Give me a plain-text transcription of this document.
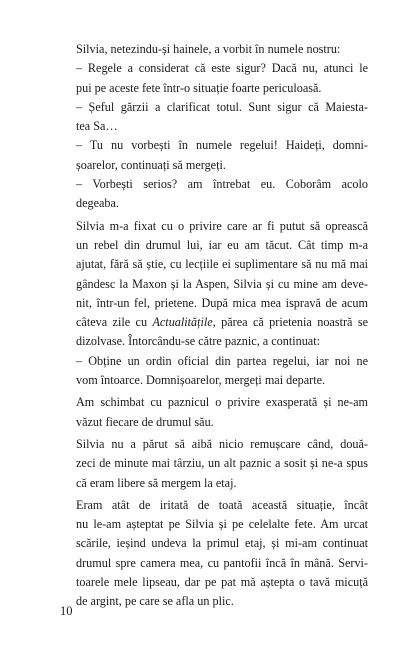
Silvia, netezindu-și hainele, a vorbit în numele nostru:

– Regele a considerat că este sigur? Dacă nu, atunci le
pui pe aceste fete într-o situație foarte periculoasă.

– Șeful gărzii a clarificat totul. Sunt sigur că Maiesta-
tea Sa…

– Tu nu vorbești în numele regelui! Haideți, domni-
șoarelor, continuați să mergeți.

– Vorbești serios? am întrebat eu. Coborâm acolo
degeaba.

Silvia m-a fixat cu o privire care ar fi putut să oprească
un rebel din drumul lui, iar eu am tăcut. Cât timp m-a
ajutat, fără să știe, cu lecțiile ei suplimentare să nu mă mai
gândesc la Maxon și la Aspen, Silvia și cu mine am deve-
nit, într-un fel, prietene. După mica mea ispravă de acum
câteva zile cu Actualitățile, părea că prietenia noastră se
dizolvase. Întorcându-se către paznic, a continuat:

– Obține un ordin oficial din partea regelui, iar noi ne
vom întoarce. Domnișoarelor, mergeți mai departe.

Am schimbat cu paznicul o privire exasperată și ne-am
văzut fiecare de drumul său.

Silvia nu a părut să aibă nicio remușcare când, două-
zeci de minute mai târziu, un alt paznic a sosit și ne-a spus
că eram libere să mergem la etaj.

Eram atât de iritată de toată această situație, încât
nu le-am așteptat pe Silvia și pe celelalte fete. Am urcat
scările, ieșind undeva la primul etaj, și mi-am continuat
drumul spre camera mea, cu pantofii încă în mână. Servi-
toarele mele lipseau, dar pe pat mă aștepta o tavă micuță
de argint, pe care se afla un plic.

10
